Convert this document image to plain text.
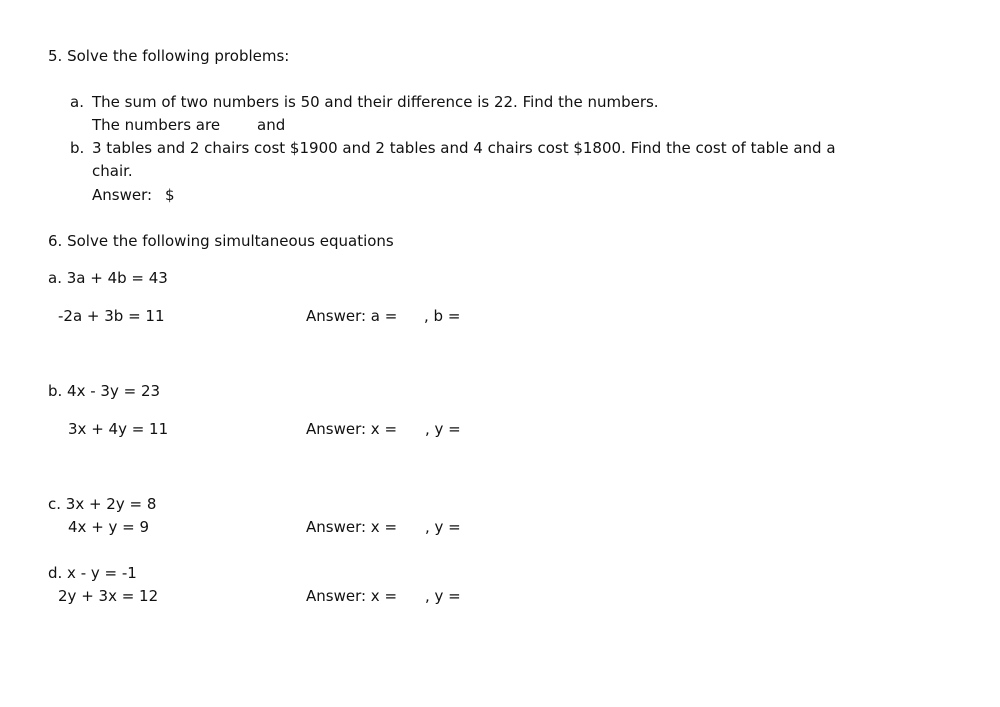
5. Solve the following problems:
a. The sum of two numbers is 50 and their difference is 22. Find the numbers.
The numbers are and
b. 3 tables and 2 chairs cost $1900 and 2 tables and 4 chairs cost $1800. Find the cost of table and a
chair.
Answer: $
6. Solve the following simultaneous equations
a. 3a + 4b = 43
-2a + 3b = 11	Answer: a = , b =
b. 4x - 3y = 23
3x + 4y = 11	Answer: x = , y =
c. 3x + 2y = 8
4x + y = 9	Answer: x = , y =
d. x - y = -1
2y + 3x = 12	Answer: x = , y =
